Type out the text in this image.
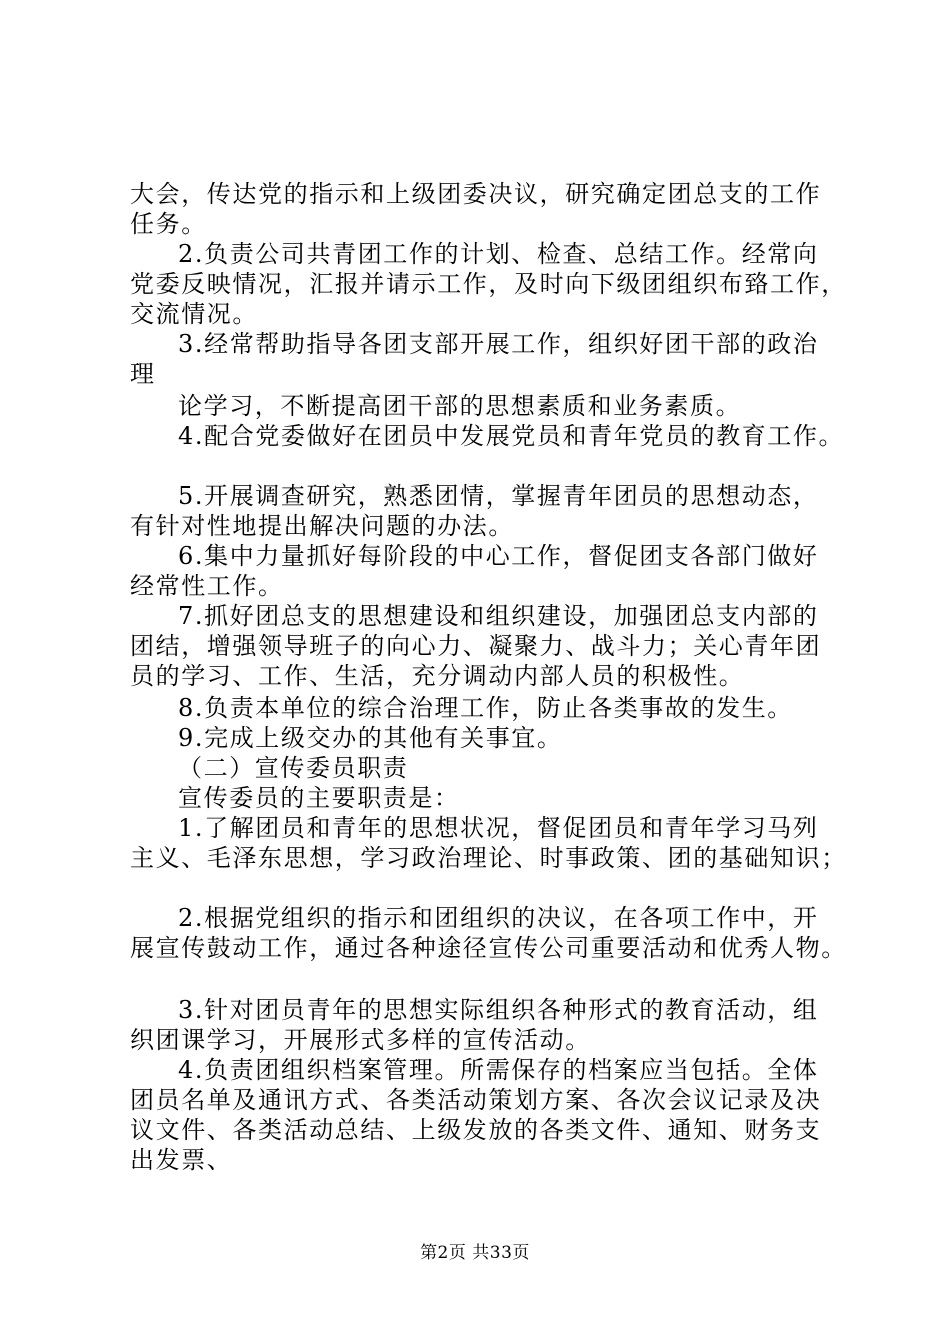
大会，传达党的指示和上级团委决议，研究确定团总支的工作
任务。
2.负责公司共青团工作的计划、检查、总结工作。经常向
党委反映情况，汇报并请示工作，及时向下级团组织布臵工作，
交流情况。
3.经常帮助指导各团支部开展工作，组织好团干部的政治
理
论学习，不断提高团干部的思想素质和业务素质。
4.配合党委做好在团员中发展党员和青年党员的教育工作。
5.开展调查研究，熟悉团情，掌握青年团员的思想动态，
有针对性地提出解决问题的办法。
6.集中力量抓好每阶段的中心工作，督促团支各部门做好
经常性工作。
7.抓好团总支的思想建设和组织建设，加强团总支内部的
团结，增强领导班子的向心力、凝聚力、战斗力；关心青年团
员的学习、工作、生活，充分调动内部人员的积极性。
8.负责本单位的综合治理工作，防止各类事故的发生。
9.完成上级交办的其他有关事宜。
（二）宣传委员职责
宣传委员的主要职责是：
1.了解团员和青年的思想状况，督促团员和青年学习马列
主义、毛泽东思想，学习政治理论、时事政策、团的基础知识；
2.根据党组织的指示和团组织的决议，在各项工作中，开
展宣传鼓动工作，通过各种途径宣传公司重要活动和优秀人物。
3.针对团员青年的思想实际组织各种形式的教育活动，组
织团课学习，开展形式多样的宣传活动。
4.负责团组织档案管理。所需保存的档案应当包括。全体
团员名单及通讯方式、各类活动策划方案、各次会议记录及决
议文件、各类活动总结、上级发放的各类文件、通知、财务支
出发票、
第2页 共33页
